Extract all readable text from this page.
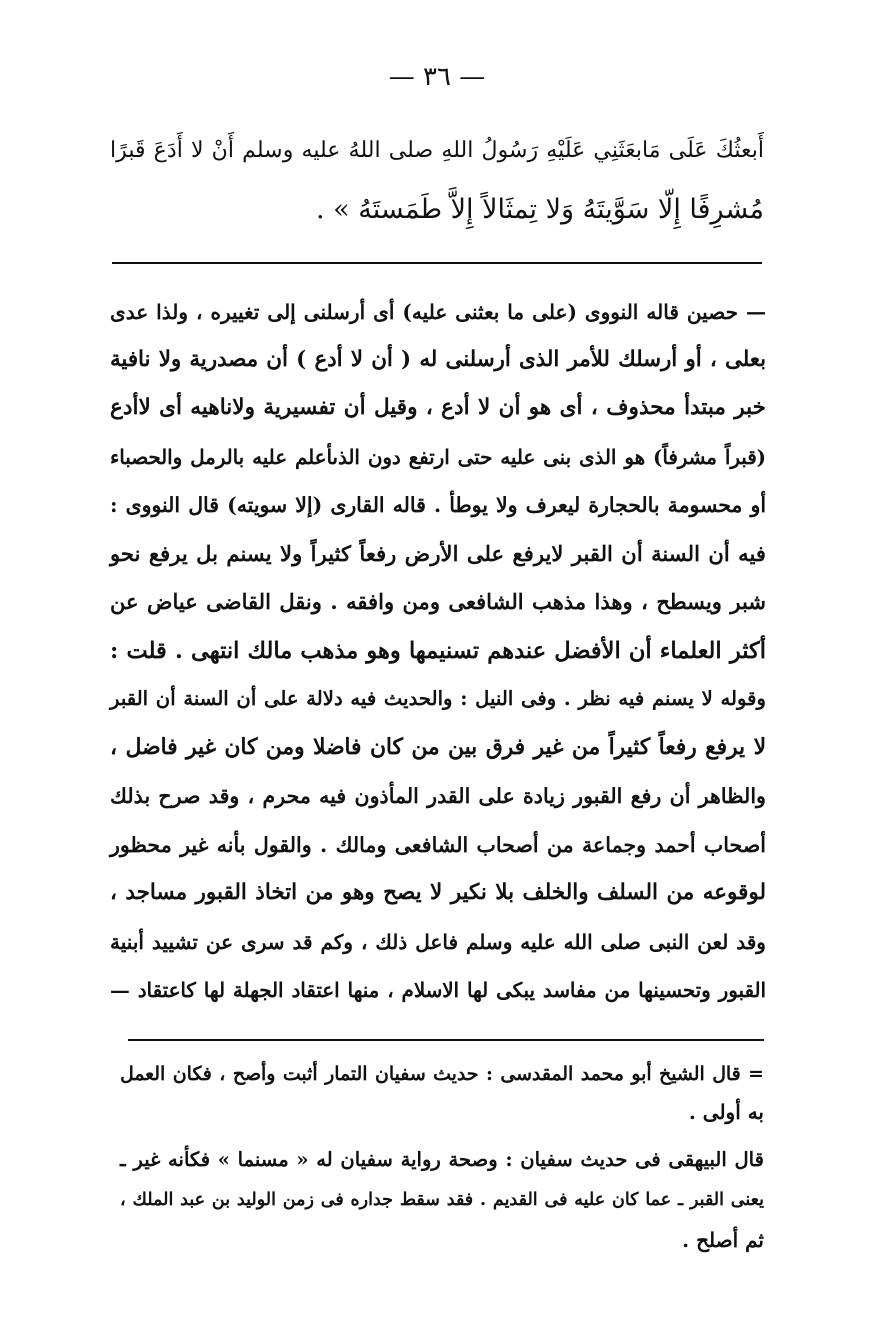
— ٣٦ —
أَبعثُكَ عَلَى مَابعَثَنِي عَلَيْهِ رَسُولُ اللهِ صلى اللهُ عليه وسلم أَنْ لا أَدَعَ قَبرًا
مُشرِفًا إِلّا سَوَّيتَهُ وَلا تِمثَالاً إِلاَّ طَمَستَهُ » .
— حصين قاله النووى (على ما بعثنى عليه) أى أرسلنى إلى تغييره ، ولذا عدى
بعلى ، أو أرسلك للأمر الذى أرسلنى له ( أن لا أدع ) أن مصدرية ولا نافية
خبر مبتدأ محذوف ، أى هو أن لا أدع ، وقيل أن تفسيرية ولاناهيه أى لاأدع
(قبراً مشرفاً) هو الذى بنى عليه حتى ارتفع دون الذىأعلم عليه بالرمل والحصباء
أو محسومة بالحجارة ليعرف ولا يوطأ . قاله القارى (إلا سويته) قال النووى :
فيه أن السنة أن القبر لايرفع على الأرض رفعاً كثيراً ولا يسنم بل يرفع نحو
شبر ويسطح ، وهذا مذهب الشافعى ومن وافقه . ونقل القاضى عياض عن
أكثر العلماء أن الأفضل عندهم تسنيمها وهو مذهب مالك انتهى . قلت :
وقوله لا يسنم فيه نظر . وفى النيل : والحديث فيه دلالة على أن السنة أن القبر
لا يرفع رفعاً كثيراً من غير فرق بين من كان فاضلا ومن كان غير فاضل ،
والظاهر أن رفع القبور زيادة على القدر المأذون فيه محرم ، وقد صرح بذلك
أصحاب أحمد وجماعة من أصحاب الشافعى ومالك . والقول بأنه غير محظور
لوقوعه من السلف والخلف بلا نكير لا يصح وهو من اتخاذ القبور مساجد ،
وقد لعن النبى صلى الله عليه وسلم فاعل ذلك ، وكم قد سرى عن تشييد أبنية
القبور وتحسينها من مفاسد يبكى لها الاسلام ، منها اعتقاد الجهلة لها كاعتقاد —
= قال الشيخ أبو محمد المقدسى : حديث سفيان التمار أثبت وأصح ، فكان العمل
به أولى .
قال البيهقى فى حديث سفيان : وصحة رواية سفيان له « مسنما » فكأنه غير ـ
يعنى القبر ـ عما كان عليه فى القديم . فقد سقط جداره فى زمن الوليد بن عبد الملك ،
ثم أصلح .
